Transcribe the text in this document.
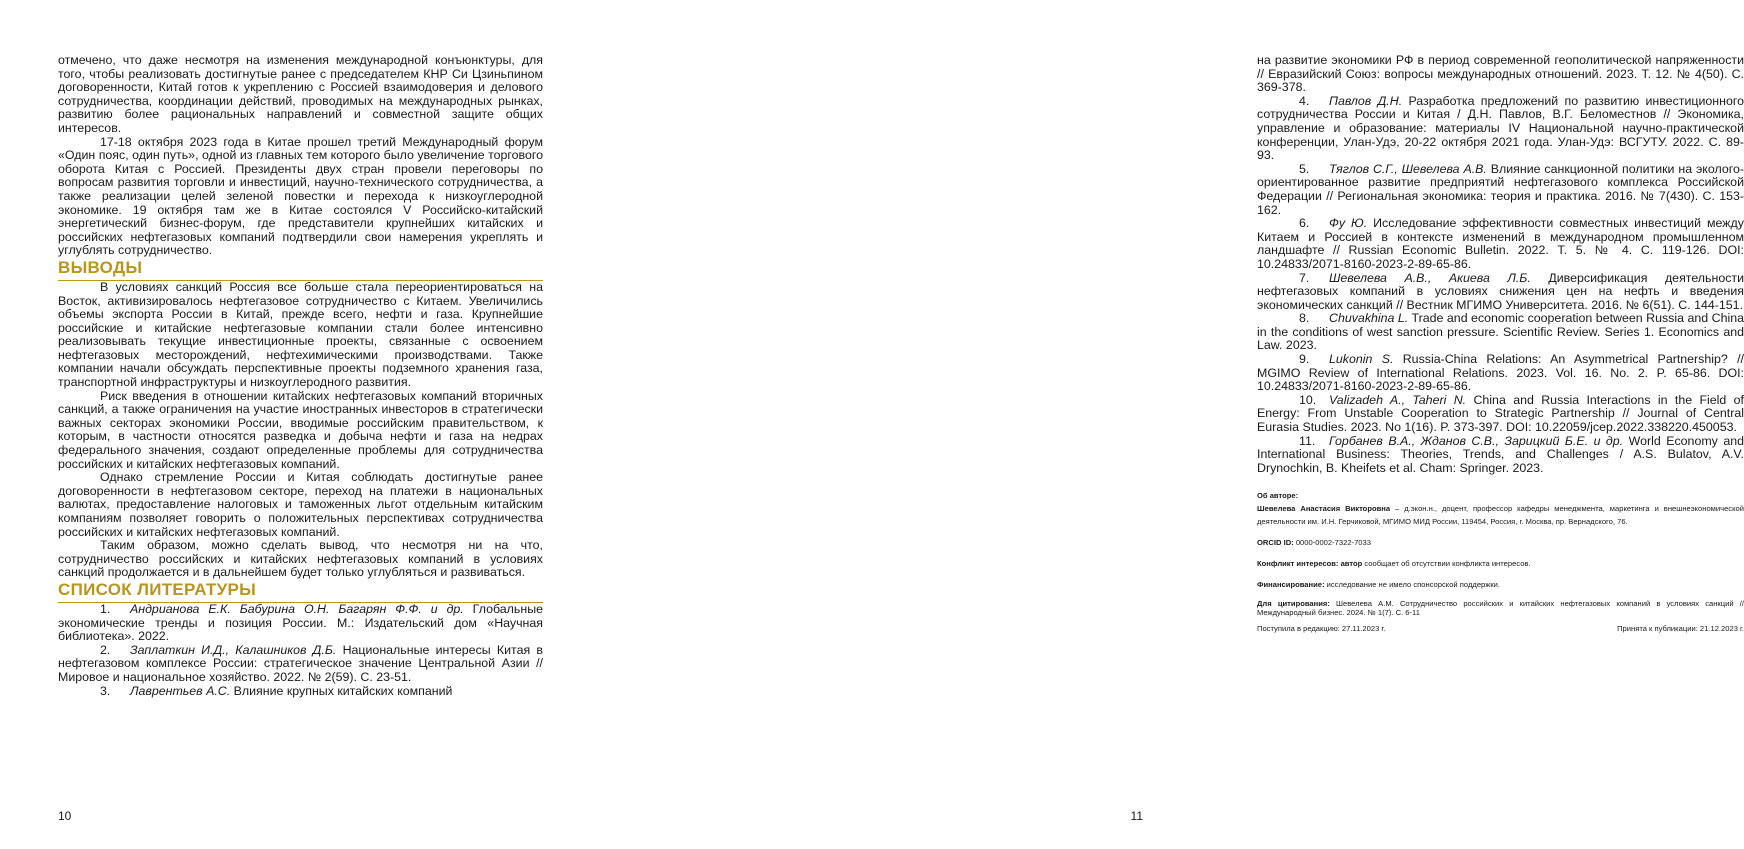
отмечено, что даже несмотря на изменения международной конъюнктуры, для того, чтобы реализовать достигнутые ранее с председателем КНР Си Цзиньпином договоренности, Китай готов к укреплению с Россией взаимодоверия и делового сотрудничества, координации действий, проводимых на международных рынках, развитию более рациональных направлений и совместной защите общих интересов.

17-18 октября 2023 года в Китае прошел третий Международный форум «Один пояс, один путь», одной из главных тем которого было увеличение торгового оборота Китая с Россией. Президенты двух стран провели переговоры по вопросам развития торговли и инвестиций, научно-технического сотрудничества, а также реализации целей зеленой повестки и перехода к низкоуглеродной экономике. 19 октября там же в Китае состоялся V Российско-китайский энергетический бизнес-форум, где представители крупнейших китайских и российских нефтегазовых компаний подтвердили свои намерения укреплять и углублять сотрудничество.

ВЫВОДЫ

В условиях санкций Россия все больше стала переориентироваться на Восток, активизировалось нефтегазовое сотрудничество с Китаем. Увеличились объемы экспорта России в Китай, прежде всего, нефти и газа. Крупнейшие российские и китайские нефтегазовые компании стали более интенсивно реализовывать текущие инвестиционные проекты, связанные с освоением нефтегазовых месторождений, нефтехимическими производствами. Также компании начали обсуждать перспективные проекты подземного хранения газа, транспортной инфраструктуры и низкоуглеродного развития.

Риск введения в отношении китайских нефтегазовых компаний вторичных санкций, а также ограничения на участие иностранных инвесторов в стратегически важных секторах экономики России, вводимые российским правительством, к которым, в частности относятся разведка и добыча нефти и газа на недрах федерального значения, создают определенные проблемы для сотрудничества российских и китайских нефтегазовых компаний.

Однако стремление России и Китая соблюдать достигнутые ранее договоренности в нефтегазовом секторе, переход на платежи в национальных валютах, предоставление налоговых и таможенных льгот отдельным китайским компаниям позволяет говорить о положительных перспективах сотрудничества российских и китайских нефтегазовых компаний.

Таким образом, можно сделать вывод, что несмотря ни на что, сотрудничество российских и китайских нефтегазовых компаний в условиях санкций продолжается и в дальнейшем будет только углубляться и развиваться.

СПИСОК ЛИТЕРАТУРЫ

1. Андрианова Е.К. Бабурина О.Н. Багарян Ф.Ф. и др. Глобальные экономические тренды и позиция России. М.: Издательский дом «Научная библиотека». 2022.

2. Заплаткин И.Д., Калашников Д.Б. Национальные интересы Китая в нефтегазовом комплексе России: стратегическое значение Центральной Азии // Мировое и национальное хозяйство. 2022. № 2(59). С. 23-51.

3. Лаврентьев А.С. Влияние крупных китайских компаний

10

на развитие экономики РФ в период современной геополитической напряженности // Евразийский Союз: вопросы международных отношений. 2023. Т. 12. № 4(50). С. 369-378.

4. Павлов Д.Н. Разработка предложений по развитию инвестиционного сотрудничества России и Китая / Д.Н. Павлов, В.Г. Беломестнов // Экономика, управление и образование: материалы IV Национальной научно-практической конференции, Улан-Удэ, 20-22 октября 2021 года. Улан-Удэ: ВСГУТУ. 2022. С. 89-93.

5. Тяглов С.Г., Шевелева А.В. Влияние санкционной политики на эколого-ориентированное развитие предприятий нефтегазового комплекса Российской Федерации // Региональная экономика: теория и практика. 2016. № 7(430). С. 153-162.

6. Фу Ю. Исследование эффективности совместных инвестиций между Китаем и Россией в контексте изменений в международном промышленном ландшафте // Russian Economic Bulletin. 2022. Т. 5. № 4. С. 119-126. DOI: 10.24833/2071-8160-2023-2-89-65-86.

7. Шевелева А.В., Акиева Л.Б. Диверсификация деятельности нефтегазовых компаний в условиях снижения цен на нефть и введения экономических санкций // Вестник МГИМО Университета. 2016. № 6(51). С. 144-151.

8. Chuvakhina L. Trade and economic cooperation between Russia and China in the conditions of west sanction pressure. Scientific Review. Series 1. Economics and Law. 2023.

9. Lukonin S. Russia-China Relations: An Asymmetrical Partnership? // MGIMO Review of International Relations. 2023. Vol. 16. No. 2. P. 65-86. DOI: 10.24833/2071-8160-2023-2-89-65-86.

10. Valizadeh A., Taheri N. China and Russia Interactions in the Field of Energy: From Unstable Cooperation to Strategic Partnership // Journal of Central Eurasia Studies. 2023. No 1(16). P. 373-397. DOI: 10.22059/jcep.2022.338220.450053.

11. Горбанев В.А., Жданов С.В., Зарицкий Б.Е. и др. World Economy and International Business: Theories, Trends, and Challenges / A.S. Bulatov, A.V. Drynochkin, B. Kheifets et al. Cham: Springer. 2023.

Об авторе:
Шевелева Анастасия Викторовна – д.экон.н., доцент, профессор кафедры менеджмента, маркетинга и внешнеэкономической деятельности им. И.Н. Герчиковой, МГИМО МИД России, 119454, Россия, г. Москва, пр. Вернадского, 76.
ORCID ID: 0000-0002-7322-7033
Конфликт интересов: автор сообщает об отсутствии конфликта интересов.
Финансирование: исследование не имело спонсорской поддержки.
Для цитирования: Шевелева А.М. Сотрудничество российских и китайских нефтегазовых компаний в условиях санкций // Международный бизнес. 2024. № 1(7). С. 6-11
Поступила в редакцию: 27.11.2023 г.	Принята к публикации: 21.12.2023 г.
11
